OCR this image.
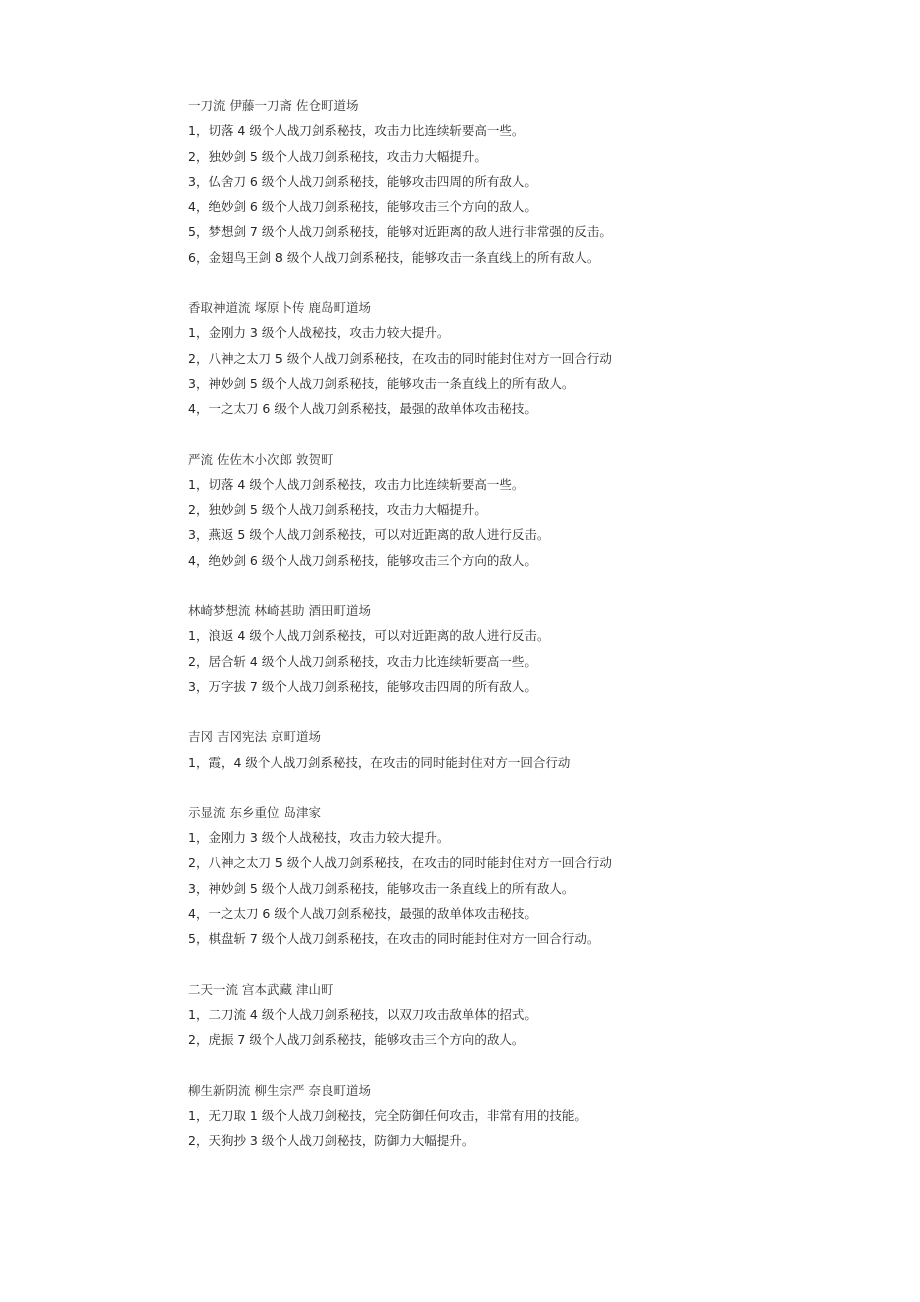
一刀流 伊藤一刀斋 佐仓町道场
1，切落 4 级个人战刀剑系秘技，攻击力比连续斩要高一些。
2，独妙剑 5 级个人战刀剑系秘技，攻击力大幅提升。
3，仏舍刀 6 级个人战刀剑系秘技，能够攻击四周的所有敌人。
4，绝妙剑 6 级个人战刀剑系秘技，能够攻击三个方向的敌人。
5，梦想剑 7 级个人战刀剑系秘技，能够对近距离的敌人进行非常强的反击。
6，金翅鸟王剑 8 级个人战刀剑系秘技，能够攻击一条直线上的所有敌人。
香取神道流 塚原卜传 鹿岛町道场
1，金刚力 3 级个人战秘技，攻击力较大提升。
2，八神之太刀 5 级个人战刀剑系秘技，在攻击的同时能封住对方一回合行动
3，神妙剑 5 级个人战刀剑系秘技，能够攻击一条直线上的所有敌人。
4，一之太刀 6 级个人战刀剑系秘技，最强的敌单体攻击秘技。
严流 佐佐木小次郎 敦贺町
1，切落 4 级个人战刀剑系秘技，攻击力比连续斩要高一些。
2，独妙剑 5 级个人战刀剑系秘技，攻击力大幅提升。
3，燕返 5 级个人战刀剑系秘技，可以对近距离的敌人进行反击。
4，绝妙剑 6 级个人战刀剑系秘技，能够攻击三个方向的敌人。
林崎梦想流 林崎甚助 酒田町道场
1，浪返 4 级个人战刀剑系秘技，可以对近距离的敌人进行反击。
2，居合斩 4 级个人战刀剑系秘技，攻击力比连续斩要高一些。
3，万字拔 7 级个人战刀剑系秘技，能够攻击四周的所有敌人。
吉冈 吉冈宪法 京町道场
1，霞，4 级个人战刀剑系秘技，在攻击的同时能封住对方一回合行动
示显流 东乡重位 岛津家
1，金刚力 3 级个人战秘技，攻击力较大提升。
2，八神之太刀 5 级个人战刀剑系秘技，在攻击的同时能封住对方一回合行动
3，神妙剑 5 级个人战刀剑系秘技，能够攻击一条直线上的所有敌人。
4，一之太刀 6 级个人战刀剑系秘技，最强的敌单体攻击秘技。
5，棋盘斩 7 级个人战刀剑系秘技，在攻击的同时能封住对方一回合行动。
二天一流 宫本武藏 津山町
1，二刀流 4 级个人战刀剑系秘技，以双刀攻击敌单体的招式。
2，虎振 7 级个人战刀剑系秘技，能够攻击三个方向的敌人。
柳生新阴流 柳生宗严 奈良町道场
1，无刀取 1 级个人战刀剑秘技，完全防御任何攻击，非常有用的技能。
2，天狗抄 3 级个人战刀剑秘技，防御力大幅提升。
